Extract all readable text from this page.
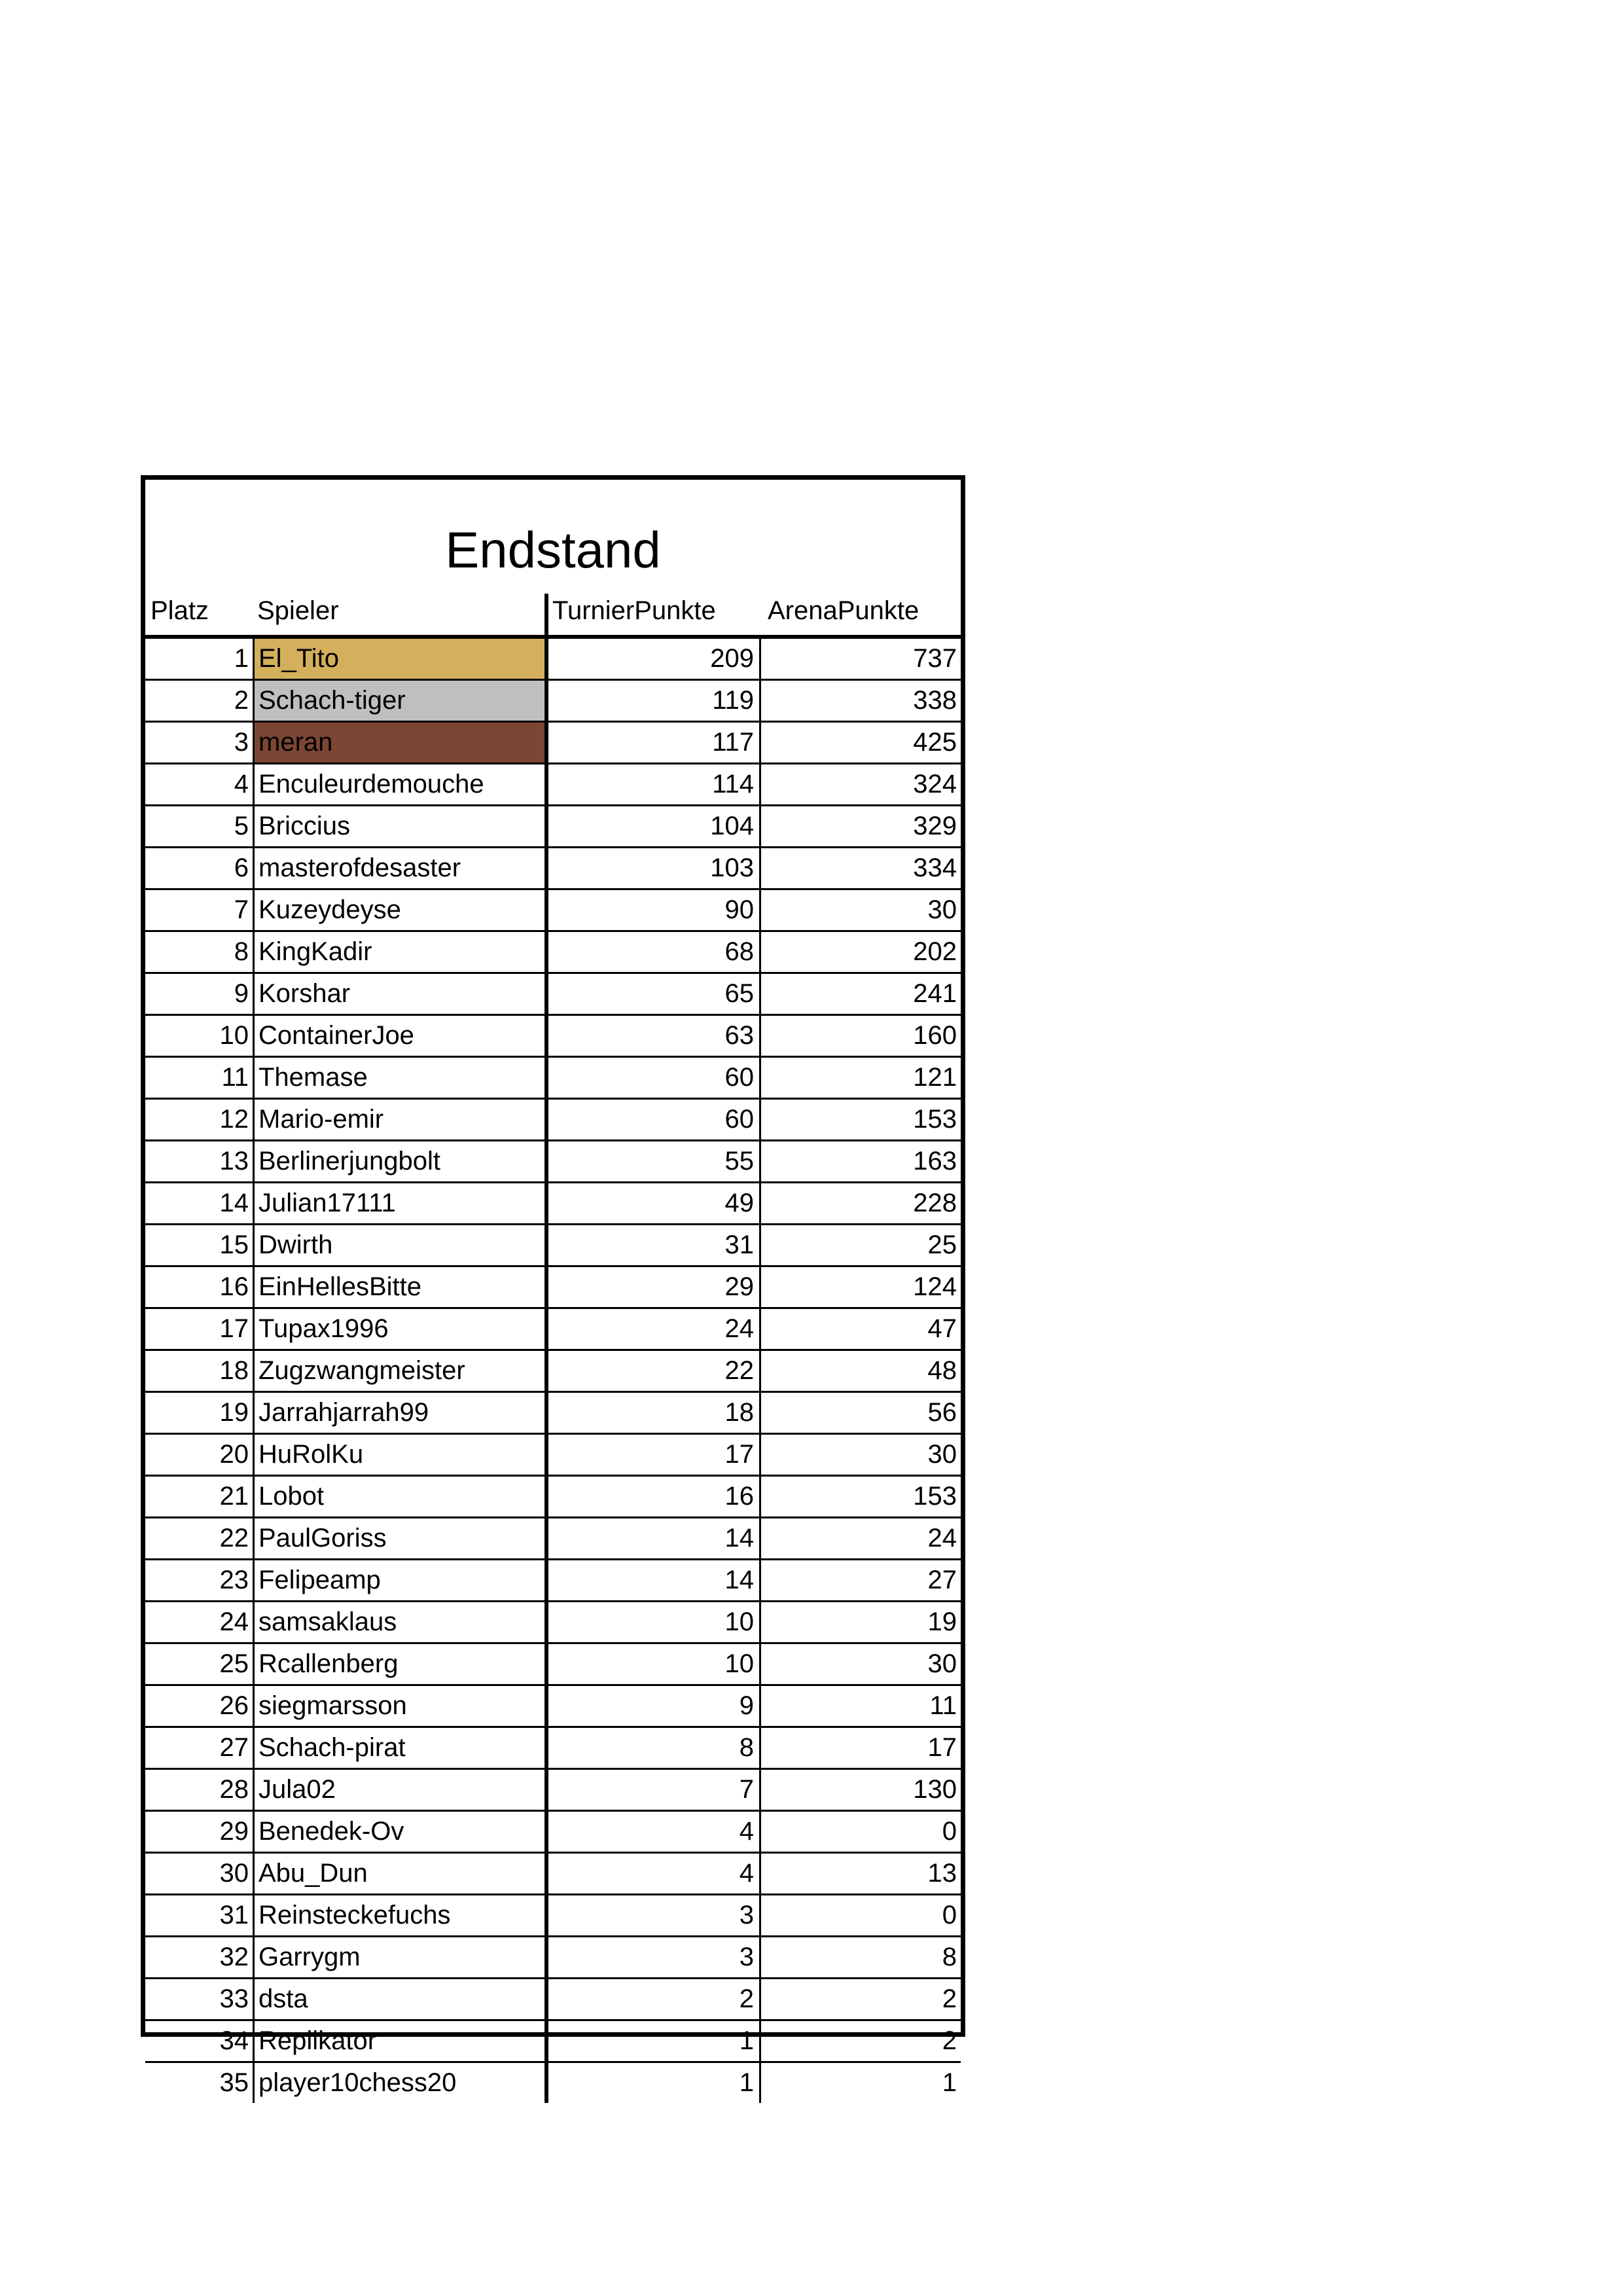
Endstand
Platz Spieler	TurnierPunkte ArenaPunkte
1 El_Tito	209	737
2 Schach-tiger	119	338
3 meran	117	425
4 Enculeurdemouche	114	324
5 Briccius	104	329
6 masterofdesaster	103	334
7 Kuzeydeyse	90	30
8 KingKadir	68	202
9 Korshar	65	241
10 ContainerJoe	63	160
11 Themase	60	121
12 Mario-emir	60	153
13 Berlinerjungbolt	55	163
14 Julian17111	49	228
15 Dwirth	31	25
16 EinHellesBitte	29	124
17 Tupax1996	24	47
18 Zugzwangmeister	22	48
19 Jarrahjarrah99	18	56
20 HuRolKu	17	30
21 Lobot	16	153
22 PaulGoriss	14	24
23 Felipeamp	14	27
24 samsaklaus	10	19
25 Rcallenberg	10	30
26 siegmarsson	9	11
27 Schach-pirat	8	17
28 Jula02	7	130
29 Benedek-Ov	4	0
30 Abu_Dun	4	13
31 Reinsteckefuchs	3	0
32 Garrygm	3	8
33 dsta	2	2
34 Replikator	1	2
35 player10chess20	1	1
